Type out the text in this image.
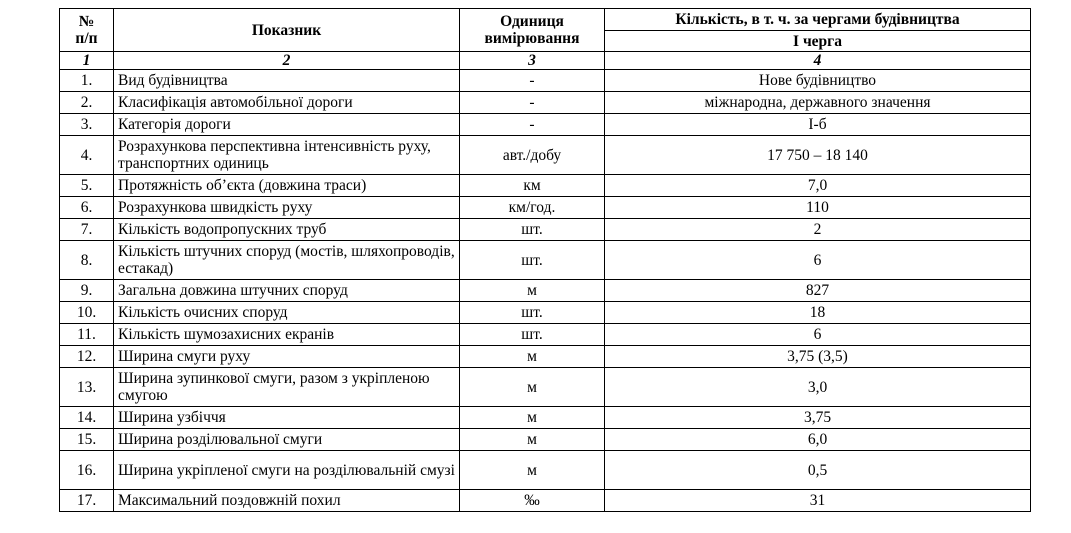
№
п/п	Показник	Одиниця вимірювання	Кількість, в т. ч. за чергами будівництва
			I черга
1	2	3	4
1.	Вид будівництва	-	Нове будівництво
2.	Класифікація автомобільної дороги	-	міжнародна, державного значення
3.	Категорія дороги	-	І-б
4.	Розрахункова перспективна інтенсивність руху, транспортних одиниць	авт./добу	17 750 – 18 140
5.	Протяжність об’єкта (довжина траси)	км	7,0
6.	Розрахункова швидкість руху	км/год.	110
7.	Кількість водопропускних труб	шт.	2
8.	Кількість штучних споруд (мостів, шляхопроводів, естакад)	шт.	6
9.	Загальна довжина штучних споруд	м	827
10.	Кількість очисних споруд	шт.	18
11.	Кількість шумозахисних екранів	шт.	6
12.	Ширина смуги руху	м	3,75 (3,5)
13.	Ширина зупинкової смуги, разом з укріпленою смугою	м	3,0
14.	Ширина узбіччя	м	3,75
15.	Ширина розділювальної смуги	м	6,0
16.	Ширина укріпленої смуги на розділювальній смузі	м	0,5
17.	Максимальний поздовжній похил	‰	31
